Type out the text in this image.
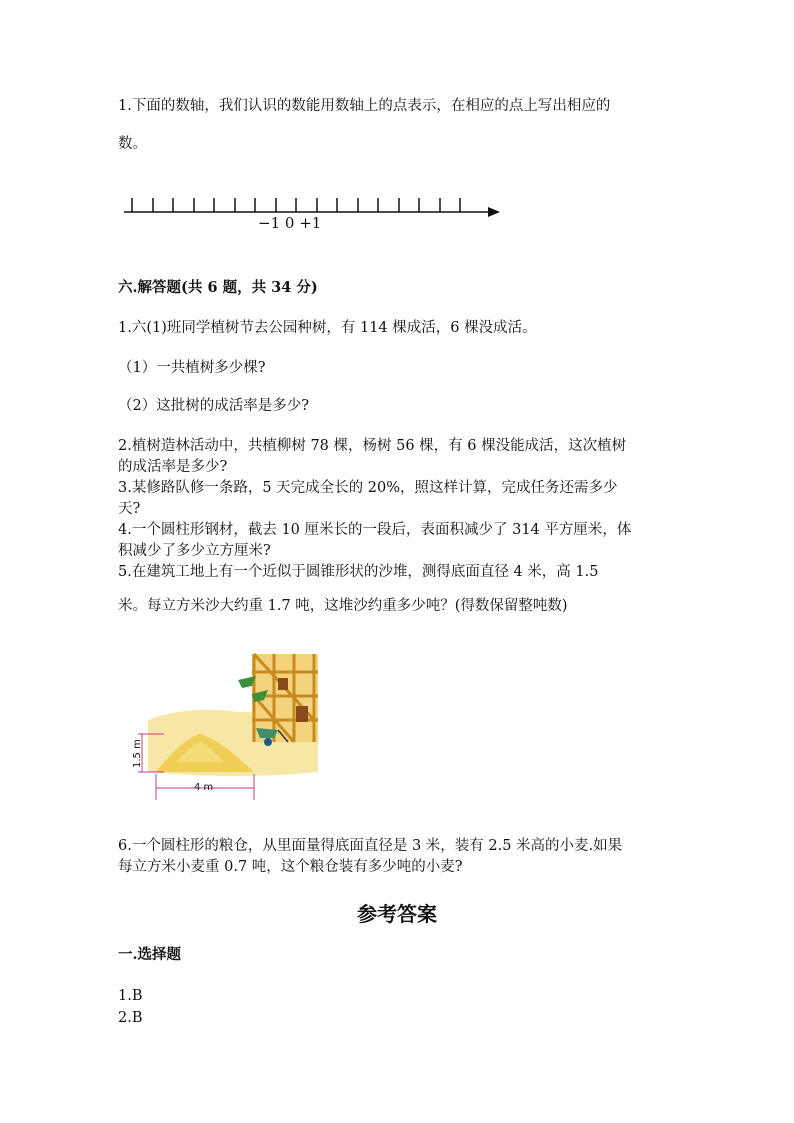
1.下面的数轴，我们认识的数能用数轴上的点表示，在相应的点上写出相应的
数。
−1 0 +1
六.解答题(共 6 题，共 34 分)
1.六(1)班同学植树节去公园种树，有 114 棵成活，6 棵没成活。
（1）一共植树多少棵?
（2）这批树的成活率是多少?
2.植树造林活动中，共植柳树 78 棵，杨树 56 棵，有 6 棵没能成活，这次植树
的成活率是多少?
3.某修路队修一条路，5 天完成全长的 20%，照这样计算，完成任务还需多少
天?
4.一个圆柱形钢材，截去 10 厘米长的一段后，表面积减少了 314 平方厘米，体
积减少了多少立方厘米?
5.在建筑工地上有一个近似于圆锥形状的沙堆，测得底面直径 4 米，高 1.5
米。每立方米沙大约重 1.7 吨，这堆沙约重多少吨？(得数保留整吨数)
1.5 m
4 m
6.一个圆柱形的粮仓，从里面量得底面直径是 3 米，装有 2.5 米高的小麦.如果
每立方米小麦重 0.7 吨，这个粮仓装有多少吨的小麦?
参考答案
一.选择题
1.B
2.B
